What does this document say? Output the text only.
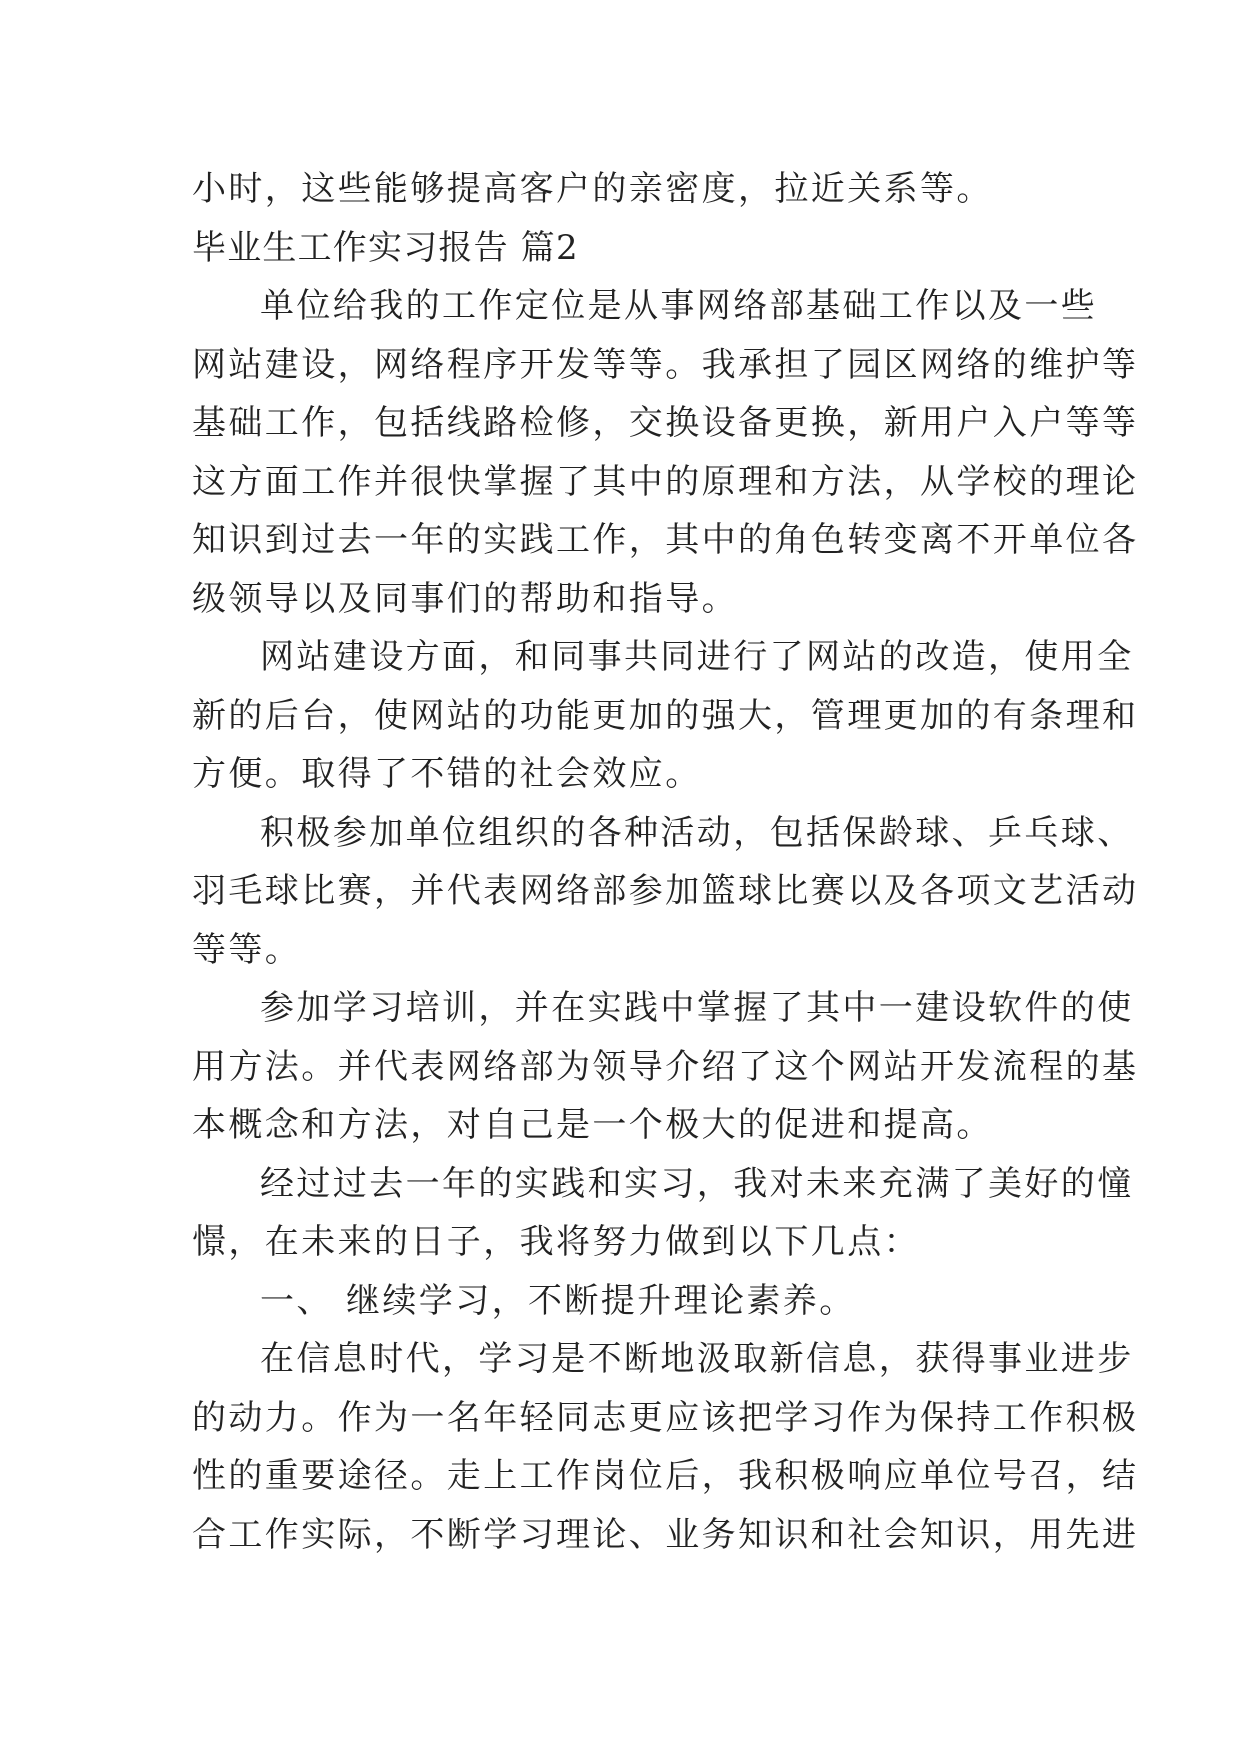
小时，这些能够提高客户的亲密度，拉近关系等。
毕业生工作实习报告 篇2
单位给我的工作定位是从事网络部基础工作以及一些
网站建设，网络程序开发等等。我承担了园区网络的维护等
基础工作，包括线路检修，交换设备更换，新用户入户等等
这方面工作并很快掌握了其中的原理和方法，从学校的理论
知识到过去一年的实践工作，其中的角色转变离不开单位各
级领导以及同事们的帮助和指导。
网站建设方面，和同事共同进行了网站的改造，使用全
新的后台，使网站的功能更加的强大，管理更加的有条理和
方便。取得了不错的社会效应。
积极参加单位组织的各种活动，包括保龄球、乒乓球、
羽毛球比赛，并代表网络部参加篮球比赛以及各项文艺活动
等等。
参加学习培训，并在实践中掌握了其中一建设软件的使
用方法。并代表网络部为领导介绍了这个网站开发流程的基
本概念和方法，对自己是一个极大的促进和提高。
经过过去一年的实践和实习，我对未来充满了美好的憧
憬，在未来的日子，我将努力做到以下几点：
一、 继续学习，不断提升理论素养。
在信息时代，学习是不断地汲取新信息，获得事业进步
的动力。作为一名年轻同志更应该把学习作为保持工作积极
性的重要途径。走上工作岗位后，我积极响应单位号召，结
合工作实际，不断学习理论、业务知识和社会知识，用先进
